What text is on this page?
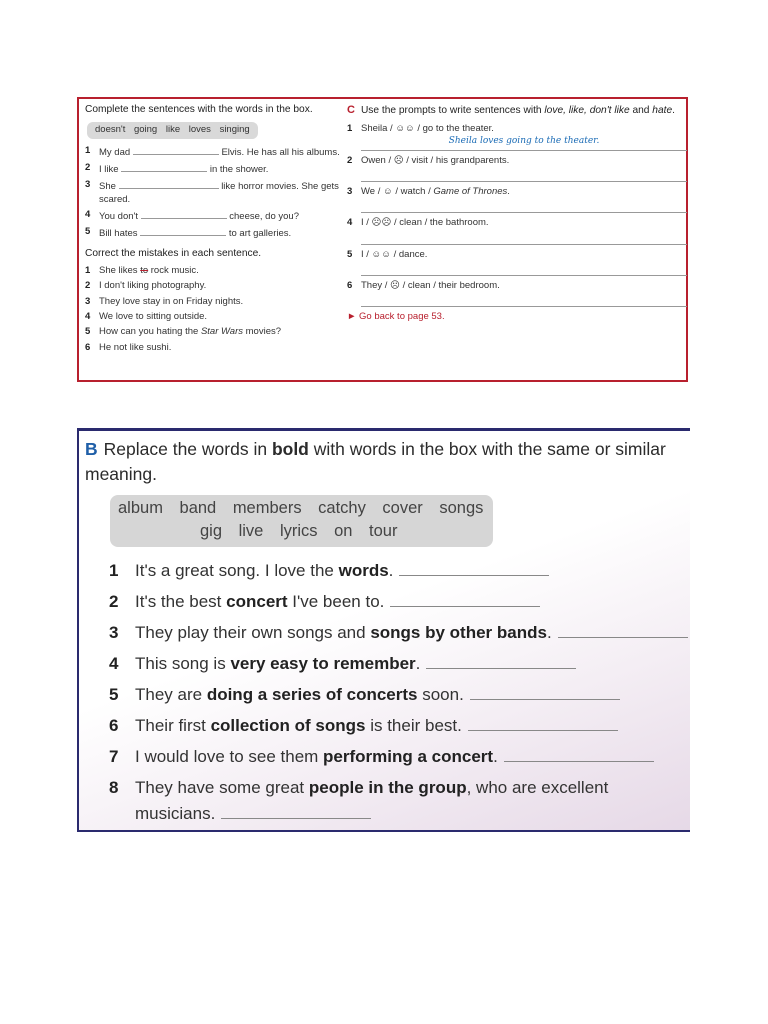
Complete the sentences with the words in the box.

doesn't going like loves singing
1 My dad	Elvis. He has all his albums.
2 I like	in the shower.
3 She	like horror movies. She gets scared.
4 You don't	cheese, do you?
5 Bill hates	to art galleries.

Correct the mistakes in each sentence.

1 She likes to rock music.
2 I don't liking photography.
3 They love stay in on Friday nights.
4 We love to sitting outside.
5 How can you hating the Star Wars movies?
6 He not like sushi.

C Use the prompts to write sentences with love, like, don't like and hate.

1 Sheila / ☺☺ / go to the theater.
Sheila loves going to the theater.
2 Owen / ☹ / visit / his grandparents.
3 We / ☺ / watch / Game of Thrones.
4 I / ☹☹ / clean / the bathroom.
5 I / ☺☺ / dance.
6 They / ☹ / clean / their bedroom.
► Go back to page 53.
B Replace the words in bold with words in the box with the same or similar meaning.
album band members catchy cover songs
gig live lyrics on tour
1 It's a great song. I love the words.
2 It's the best concert I've been to.
3 They play their own songs and songs by other bands.
4 This song is very easy to remember.
5 They are doing a series of concerts soon.
6 Their first collection of songs is their best.
7 I would love to see them performing a concert.
8 They have some great people in the group, who are excellent
musicians.
